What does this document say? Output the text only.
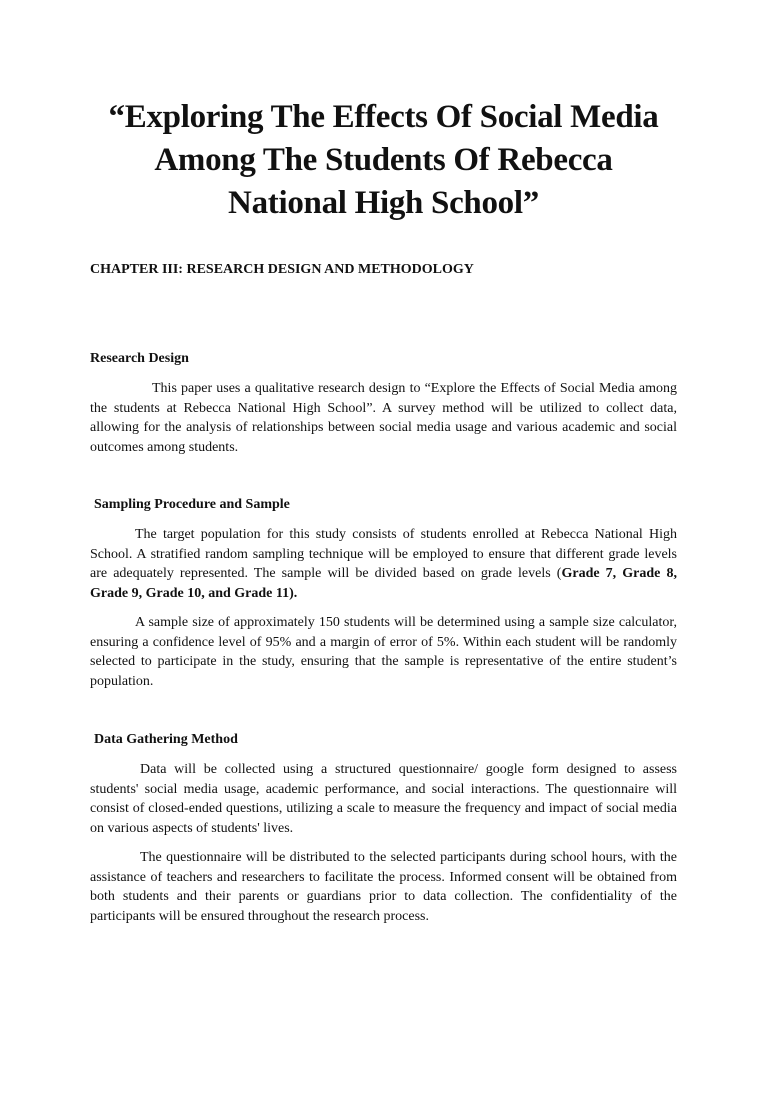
“Exploring The Effects Of Social Media
Among The Students Of Rebecca
National High School”

CHAPTER III: RESEARCH DESIGN AND METHODOLOGY

Research Design

This paper uses a qualitative research design to “Explore the Effects of Social Media among the students at Rebecca National High School”. A survey method will be utilized to collect data, allowing for the analysis of relationships between social media usage and various academic and social outcomes among students.

Sampling Procedure and Sample

The target population for this study consists of students enrolled at Rebecca National High School. A stratified random sampling technique will be employed to ensure that different grade levels are adequately represented. The sample will be divided based on grade levels (Grade 7, Grade 8, Grade 9, Grade 10, and Grade 11).

A sample size of approximately 150 students will be determined using a sample size calculator, ensuring a confidence level of 95% and a margin of error of 5%. Within each student will be randomly selected to participate in the study, ensuring that the sample is representative of the entire student’s population.

Data Gathering Method

Data will be collected using a structured questionnaire/ google form designed to assess students' social media usage, academic performance, and social interactions. The questionnaire will consist of closed-ended questions, utilizing a scale to measure the frequency and impact of social media on various aspects of students' lives.

The questionnaire will be distributed to the selected participants during school hours, with the assistance of teachers and researchers to facilitate the process. Informed consent will be obtained from both students and their parents or guardians prior to data collection. The confidentiality of the participants will be ensured throughout the research process.
